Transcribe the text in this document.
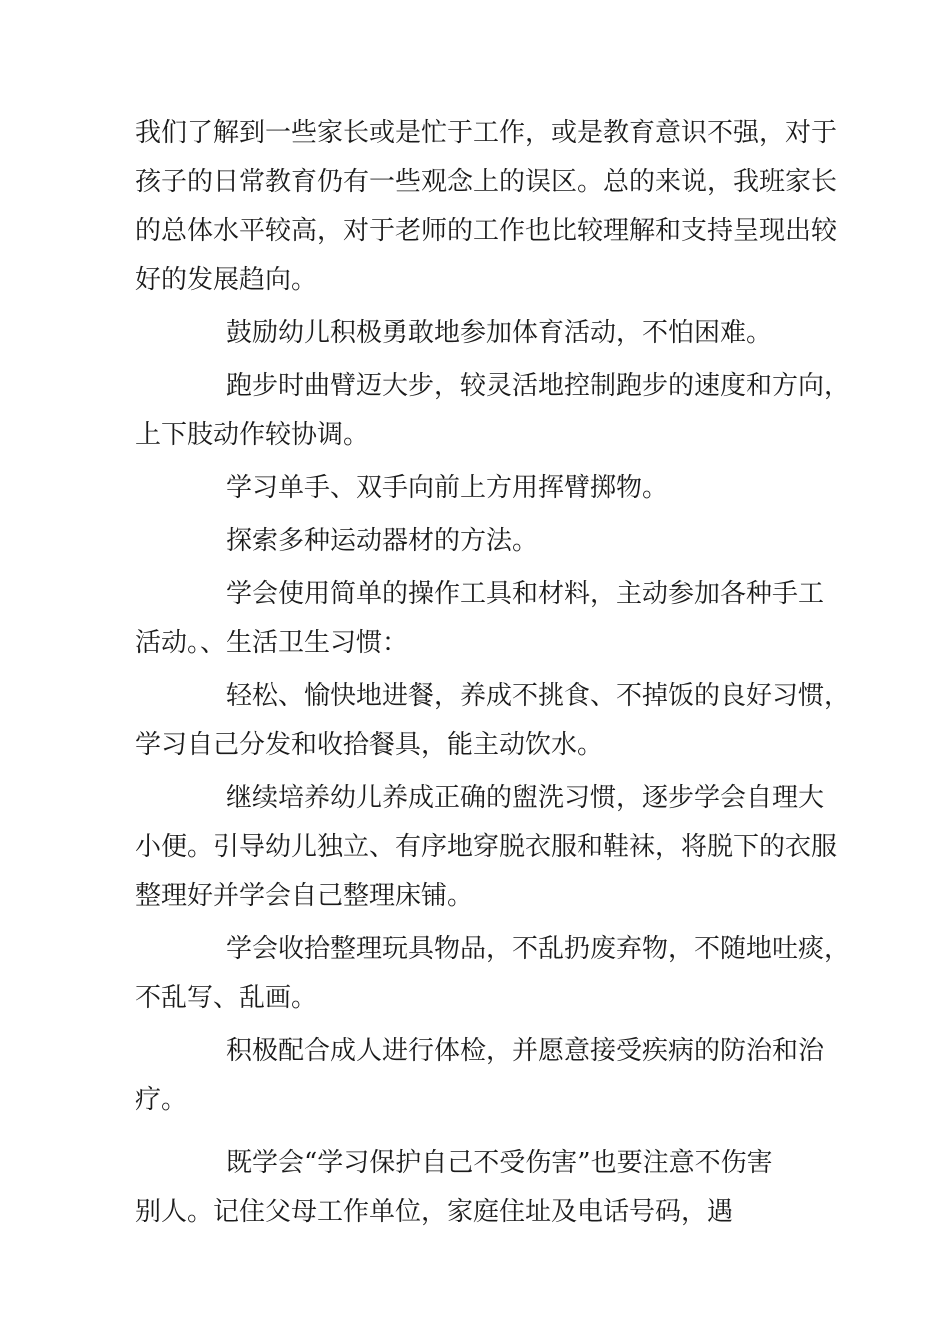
我们了解到一些家长或是忙于工作，或是教育意识不强，对于
孩子的日常教育仍有一些观念上的误区。总的来说，我班家长
的总体水平较高，对于老师的工作也比较理解和支持呈现出较
好的发展趋向。

鼓励幼儿积极勇敢地参加体育活动，不怕困难。

跑步时曲臂迈大步，较灵活地控制跑步的速度和方向，
上下肢动作较协调。

学习单手、双手向前上方用挥臂掷物。

探索多种运动器材的方法。

学会使用简单的操作工具和材料，主动参加各种手工
活动。、生活卫生习惯：

轻松、愉快地进餐，养成不挑食、不掉饭的良好习惯，
学习自己分发和收拾餐具，能主动饮水。

继续培养幼儿养成正确的盥洗习惯，逐步学会自理大
小便。引导幼儿独立、有序地穿脱衣服和鞋袜，将脱下的衣服
整理好并学会自己整理床铺。

学会收拾整理玩具物品，不乱扔废弃物，不随地吐痰，
不乱写、乱画。

积极配合成人进行体检，并愿意接受疾病的防治和治
疗。

既学会“学习保护自己不受伤害”也要注意不伤害
别人。记住父母工作单位，家庭住址及电话号码，遇
